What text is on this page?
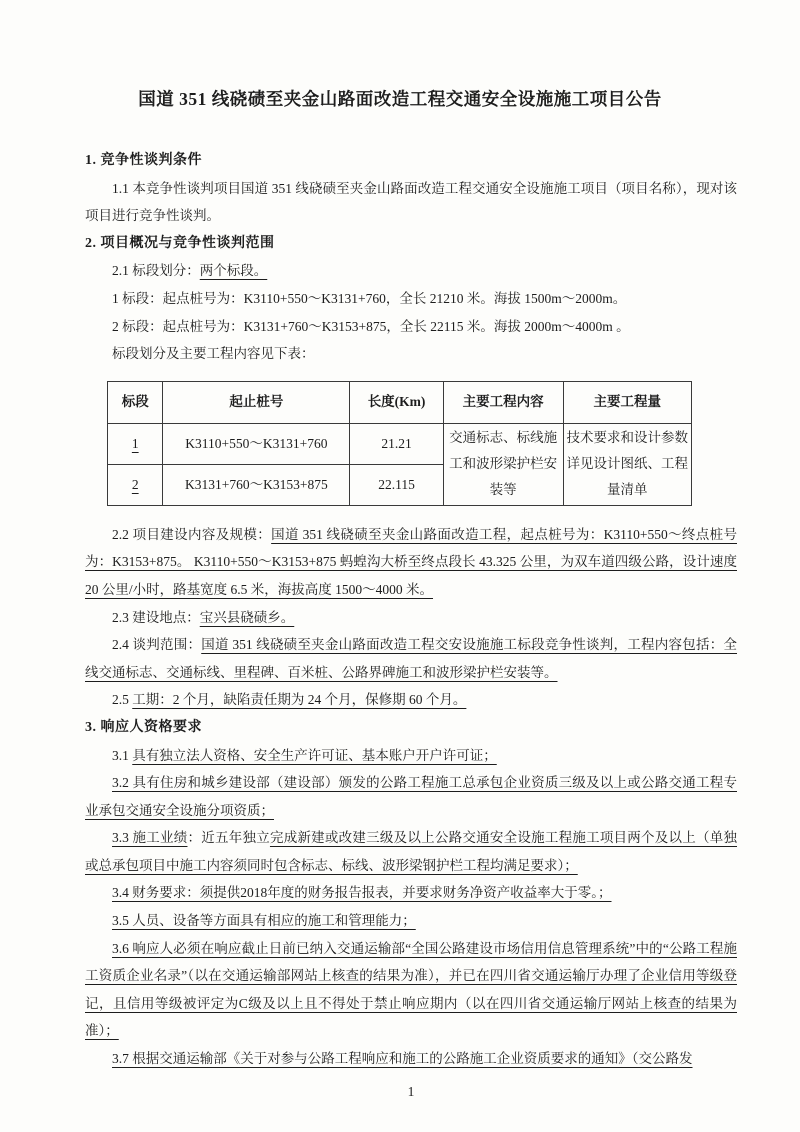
国道 351 线硗碛至夹金山路面改造工程交通安全设施施工项目公告

1. 竞争性谈判条件

1.1 本竞争性谈判项目国道 351 线硗碛至夹金山路面改造工程交通安全设施施工项目（项目名称），现对该项目进行竞争性谈判。

2. 项目概况与竞争性谈判范围

2.1 标段划分：两个标段。

1 标段：起点桩号为：K3110+550～K3131+760，全长 21210 米。海拔 1500m～2000m。

2 标段：起点桩号为：K3131+760～K3153+875，全长 22115 米。海拔 2000m～4000m 。

标段划分及主要工程内容见下表：

标段	起止桩号	长度(Km)	主要工程内容	主要工程量
1	K3110+550～K3131+760	21.21	交通标志、标线施工和波形梁护栏安装等	技术要求和设计参数详见设计图纸、工程量清单
2	K3131+760～K3153+875	22.115		

2.2 项目建设内容及规模：国道 351 线硗碛至夹金山路面改造工程，起点桩号为：K3110+550～终点桩号为：K3153+875。 K3110+550～K3153+875 蚂蝗沟大桥至终点段长 43.325 公里，为双车道四级公路，设计速度 20 公里/小时，路基宽度 6.5 米，海拔高度 1500～4000 米。

2.3 建设地点：宝兴县硗碛乡。

2.4 谈判范围：国道 351 线硗碛至夹金山路面改造工程交安设施施工标段竞争性谈判，工程内容包括：全线交通标志、交通标线、里程碑、百米桩、公路界碑施工和波形梁护栏安装等。

2.5 工期：2 个月，缺陷责任期为 24 个月，保修期 60 个月。

3. 响应人资格要求

3.1 具有独立法人资格、安全生产许可证、基本账户开户许可证；

3.2 具有住房和城乡建设部（建设部）颁发的公路工程施工总承包企业资质三级及以上或公路交通工程专业承包交通安全设施分项资质；

3.3 施工业绩：近五年独立完成新建或改建三级及以上公路交通安全设施工程施工项目两个及以上（单独或总承包项目中施工内容须同时包含标志、标线、波形梁钢护栏工程均满足要求）；

3.4 财务要求：须提供2018年度的财务报告报表，并要求财务净资产收益率大于零。；

3.5 人员、设备等方面具有相应的施工和管理能力；

3.6 响应人必须在响应截止日前已纳入交通运输部“全国公路建设市场信用信息管理系统”中的“公路工程施工资质企业名录”（以在交通运输部网站上核查的结果为准），并已在四川省交通运输厅办理了企业信用等级登记，且信用等级被评定为C级及以上且不得处于禁止响应期内（以在四川省交通运输厅网站上核查的结果为准）；

3.7 根据交通运输部《关于对参与公路工程响应和施工的公路施工企业资质要求的通知》（交公路发

1
